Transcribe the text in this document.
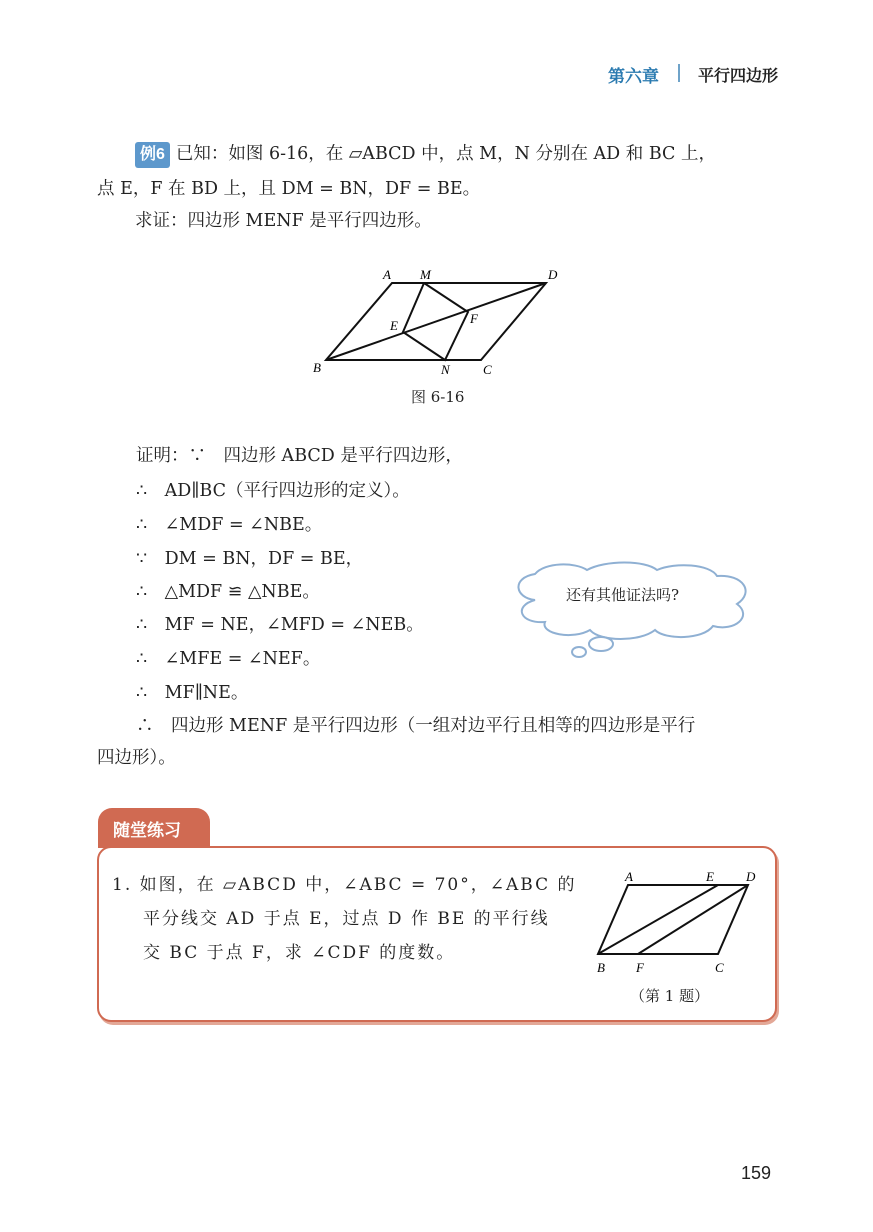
第六章 平行四边形
例6 已知：如图 6-16，在 ▱ABCD 中，点 M，N 分别在 AD 和 BC 上，
点 E，F 在 BD 上，且 DM = BN，DF = BE。
求证：四边形 MENF 是平行四边形。
A M	D
E	F
B	N	C
图 6-16
证明：∵　四边形 ABCD 是平行四边形，
∴　AD∥BC（平行四边形的定义）。
∴　∠MDF = ∠NBE。
∵　DM = BN，DF = BE，
∴　△MDF ≌ △NBE。
∴　MF = NE，∠MFD = ∠NEB。
∴　∠MFE = ∠NEF。
∴　MF∥NE。
∴　四边形 MENF 是平行四边形（一组对边平行且相等的四边形是平行
四边形）。
还有其他证法吗?
随堂练习
1. 如图，在 ▱ABCD 中，∠ABC = 70°，∠ABC 的
平分线交 AD 于点 E，过点 D 作 BE 的平行线
交 BC 于点 F，求 ∠CDF 的度数。
A	E D
B F	C
（第 1 题）
159
